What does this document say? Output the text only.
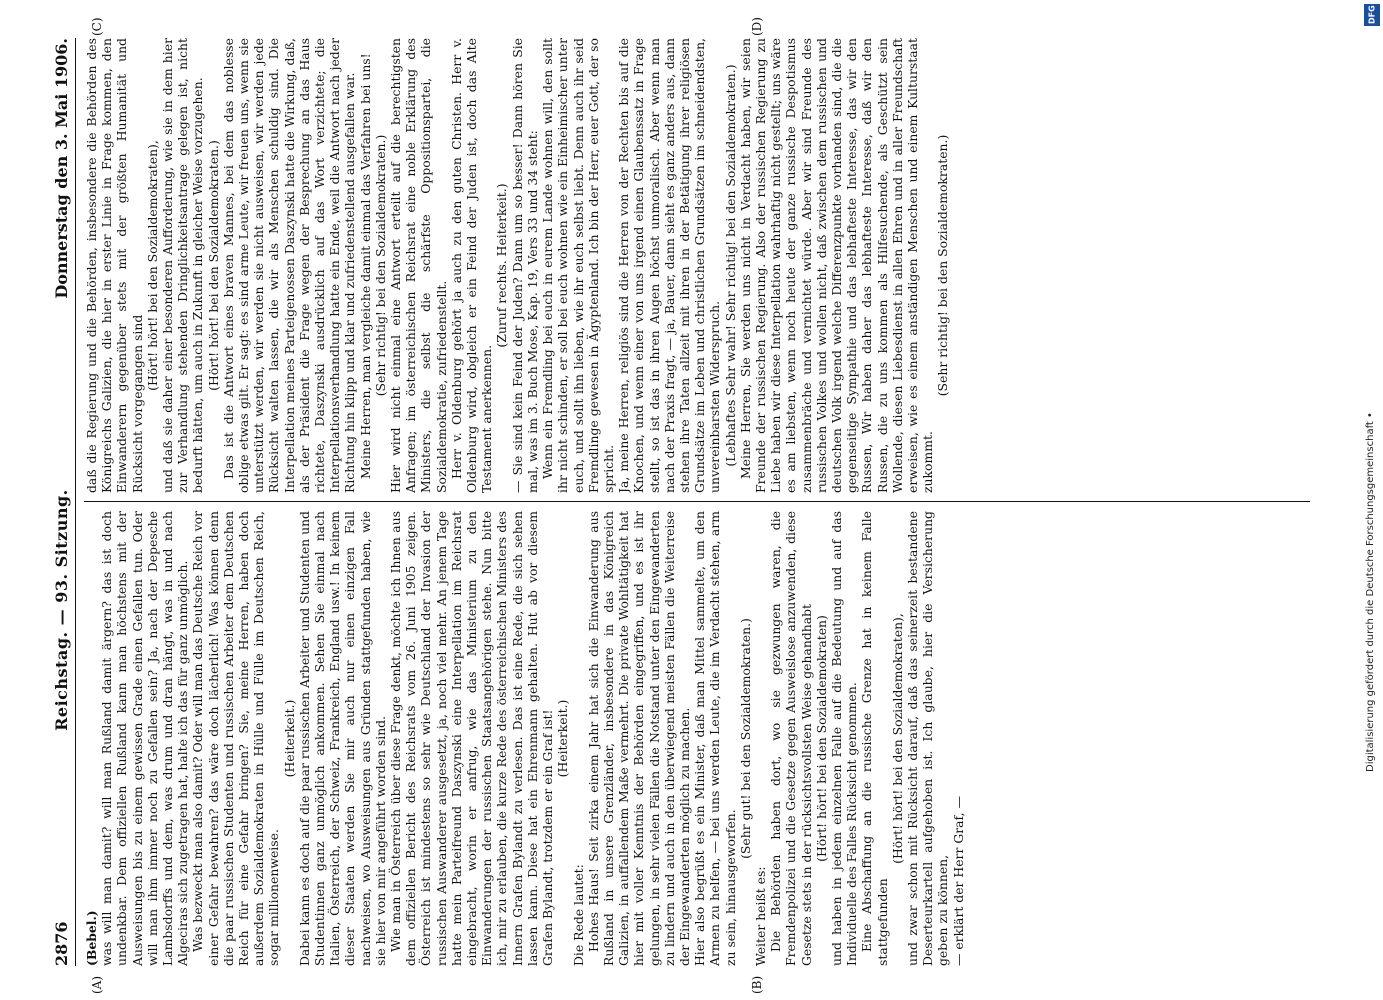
2876
Reichstag. — 93. Sitzung.
Donnerstag den 3. Mai 1906.
(A)	(B)
(C)	(D)

(Bebel.) was will man damit? will man Rußland damit ärgern? das ist doch undenkbar. Dem offiziellen Rußland kann man höchstens mit der Ausweisungen bis zu einem gewissen Grade einen Gefallen tun. Oder will man ihm immer noch zu Gefallen sein? Ja, nach der Depesche Lambsdorffs und dem, was drum und dran hängt, was in und nach Algeciras sich zugetragen hat, halte ich das für ganz unmöglich. Was bezweckt man also damit? Oder will man das Deutsche Reich vor einer Gefahr bewahren? das wäre doch lächerlich! Was können denn die paar russischen Studenten und russischen Arbeiter dem Deutschen Reich für eine Gefahr bringen? Sie, meine Herren, haben doch außerdem Sozialdemokraten in Hülle und Fülle im Deutschen Reich, sogar millionenweise.

(Heiterkeit.) Dabei kann es doch auf die paar russischen Arbeiter und Studenten und Studentinnen ganz unmöglich ankommen. Sehen Sie einmal nach Italien, Österreich, der Schweiz, Frankreich, England usw.! In keinem dieser Staaten werden Sie mir auch nur einen einzigen Fall nachweisen, wo Ausweisungen aus Gründen stattgefunden haben, wie sie hier von mir angeführt worden sind. Wie man in Österreich über diese Frage denkt, möchte ich Ihnen aus dem offiziellen Bericht des Reichsrats vom 26. Juni 1905 zeigen. Österreich ist mindestens so sehr wie Deutschland der Invasion der russischen Auswanderer ausgesetzt, ja, noch viel mehr. An jenem Tage hatte mein Parteifreund Daszynski eine Interpellation im Reichsrat eingebracht, worin er anfrug, wie das Ministerium zu den Einwanderungen der russischen Staatsangehörigen stehe. Nun bitte ich, mir zu erlauben, die kurze Rede des österreichischen Ministers des Innern Grafen Bylandt zu verlesen. Das ist eine Rede, die sich sehen lassen kann. Diese hat ein Ehrenmann gehalten. Hut ab vor diesem Grafen Bylandt, trotzdem er ein Graf ist! (Heiterkeit.)

Die Rede lautet: Hohes Haus! Seit zirka einem Jahr hat sich die Einwanderung aus Rußland in unsere Grenzländer, insbesondere in das Königreich Galizien, in auffallendem Maße vermehrt. Die private Wohltätigkeit hat hier mit voller Kenntnis der Behörden eingegriffen, und es ist ihr gelungen, in sehr vielen Fällen die Notstand unter den Eingewanderten zu lindern und auch in den überwiegend meisten Fällen die Weiterreise der Eingewanderten möglich zu machen. Hier also begrüßt es ein Minister, daß man Mittel sammelte, um den Armen zu helfen, — bei uns werden Leute, die im Verdacht stehen, arm zu sein, hinausgeworfen.

(Sehr gut! bei den Sozialdemokraten.)

Weiter heißt es: Die Behörden haben dort, wo sie gezwungen waren, die Fremdenpolizei und die Gesetze gegen Ausweislose anzuwenden, diese Gesetze stets in der rücksichtsvollsten Weise gehandhabt (Hört! hört! bei den Sozialdemokraten) und haben in jedem einzelnen Falle auf die Bedeutung und auf das Individuelle des Falles Rücksicht genommen. Eine Abschaffung an die russische Grenze hat in keinem Falle stattgefunden

(Hört! hört! bei den Sozialdemokraten), und zwar schon mit Rücksicht darauf, daß das seinerzeit bestandene Deserteurkartell aufgehoben ist. Ich glaube, hier die Versicherung geben zu können, — erklärt der Herr Graf, —

daß die Regierung und die Behörden, insbesondere die Behörden des Königreichs Galizien, die hier in erster Linie in Frage kommen, den Einwanderern gegenüber stets mit der größten Humanität und Rücksicht vorgegangen sind

(Hört! hört! bei den Sozialdemokraten), und daß sie daher einer besonderen Aufforderung, wie sie in dem hier zur Verhandlung stehenden Dringlichkeitsantrage gelegen ist, nicht bedurft hätten, um auch in Zukunft in gleicher Weise vorzugehen. (Hört! hört! bei den Sozialdemokraten.) Das ist die Antwort eines braven Mannes, bei dem das noblesse oblige etwas gilt. Er sagt: es sind arme Leute, wir freuen uns, wenn sie unterstützt werden, wir werden sie nicht ausweisen, wir werden jede Rücksicht walten lassen, die wir als Menschen schuldig sind. Die Interpellation meines Parteigenossen Daszynski hatte die Wirkung, daß, als der Präsident die Frage wegen der Besprechung an das Haus richtete, Daszynski ausdrücklich auf das Wort verzichtete; die Interpellationsverhandlung hatte ein Ende, weil die Antwort nach jeder Richtung hin klipp und klar und zufriedenstellend ausgefallen war. Meine Herren, man vergleiche damit einmal das Verfahren bei uns! (Sehr richtig! bei den Sozialdemokraten.) Hier wird nicht einmal eine Antwort erteilt auf die berechtigsten Anfragen; im österreichischen Reichsrat eine noble Erklärung des Ministers, die selbst die schärfste Oppositionspartei, die Sozialdemokratie, zufriedenstellt. Herr v. Oldenburg gehört ja auch zu den guten Christen. Herr v. Oldenburg wird, obgleich er ein Feind der Juden ist, doch das Alte Testament anerkennen.

(Zuruf rechts. Heiterkeit.) — Sie sind kein Feind der Juden? Dann um so besser! Dann hören Sie mal, was im 3. Buch Mose, Kap. 19, Vers 33 und 34 steht: Wenn ein Fremdling bei euch in eurem Lande wohnen will, den sollt ihr nicht schinden, er soll bei euch wohnen wie ein Einheimischer unter euch, und sollt ihn lieben, wie ihr euch selbst liebt. Denn auch ihr seid Fremdlinge gewesen in Ägyptenland. Ich bin der Herr, euer Gott, der so spricht. Ja, meine Herren, religiös sind die Herren von der Rechten bis auf die Knochen, und wenn einer von uns irgend einen Glaubenssatz in Frage stellt, so ist das in ihren Augen höchst unmoralisch. Aber wenn man nach der Praxis fragt, — ja, Bauer, dann sieht es ganz anders aus, dann stehen ihre Taten allzeit mit ihren in der Betätigung ihrer religiösen Grundsätze im Leben und christlichen Grundsätzen im schneidendsten, unvereinbarsten Widerspruch. (Lebhaftes Sehr wahr! Sehr richtig! bei den Sozialdemokraten.) Meine Herren, Sie werden uns nicht in Verdacht haben, wir seien Freunde der russischen Regierung. Also der russischen Regierung zu Liebe haben wir diese Interpellation wahrhaftig nicht gestellt; uns wäre es am liebsten, wenn noch heute der ganze russische Despotismus zusammenbräche und vernichtet würde. Aber wir sind Freunde des russischen Volkes und wollen nicht, daß zwischen dem russischen und deutschen Volk irgend welche Differenzpunkte vorhanden sind, die die gegenseitige Sympathie und das lebhafteste Interesse, das wir den Russen, Wir haben daher das lebhafteste Interesse, daß wir den Russen, die zu uns kommen als Hilfesuchende, als Geschützt sein Wollende, diesen Liebesdienst in allen Ehren und in aller Freundschaft erweisen, wie es einem anständigen Menschen und einem Kulturstaat zukommt.

(Sehr richtig! bei den Sozialdemokraten.)

DFG
Digitalisierung gefördert durch die Deutsche Forschungsgemeinschaft •
